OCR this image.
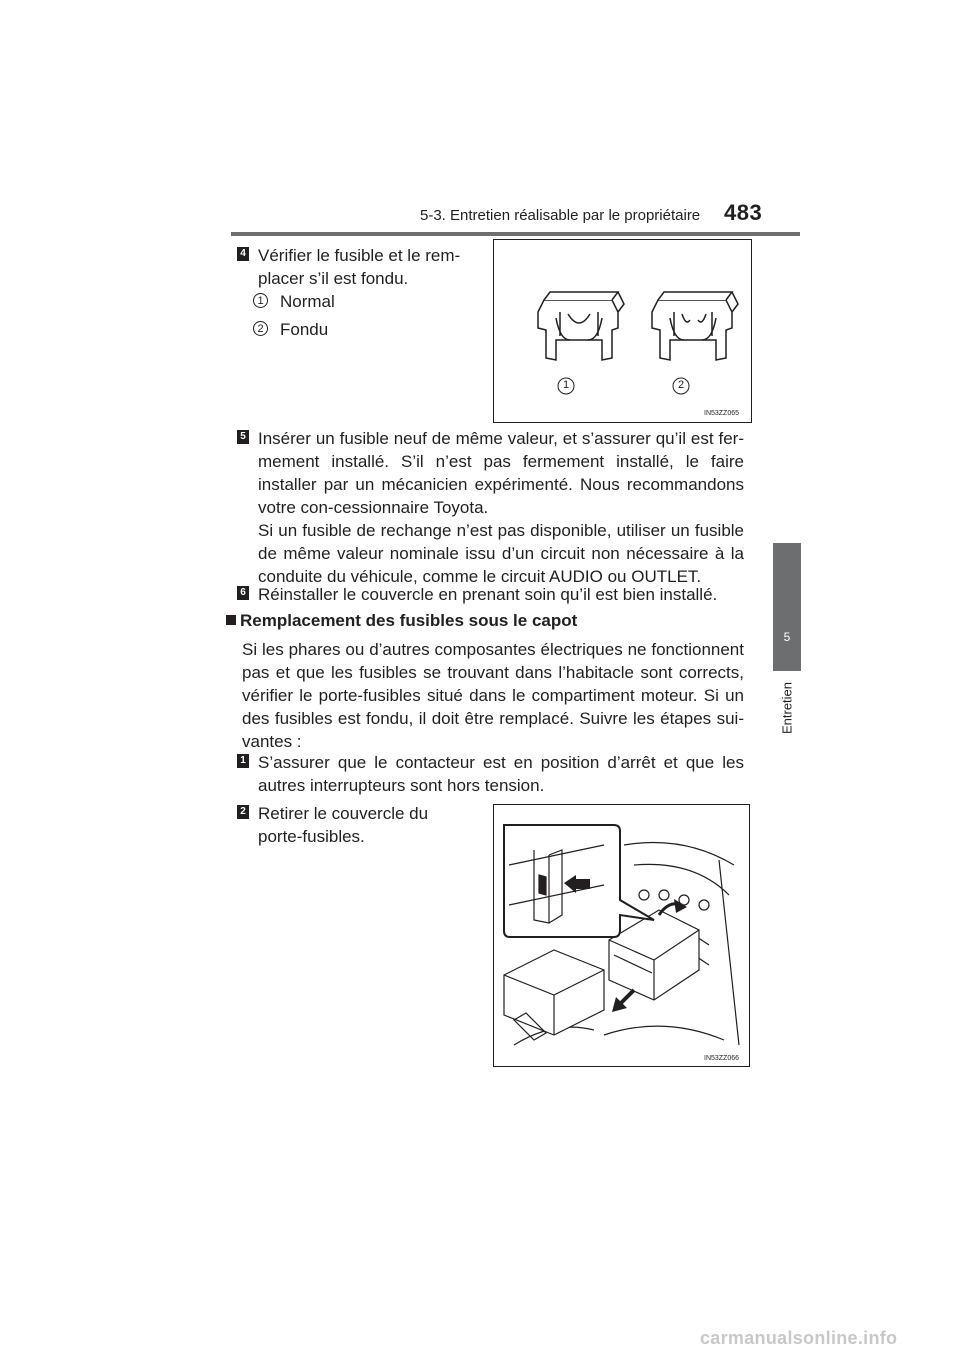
5-3. Entretien réalisable par le propriétaire 483
5
Entretien
4 Vérifier le fusible et le rem-placer s’il est fondu.
1 Normal
2 Fondu
1	2
IN53ZZ065
5 Insérer un fusible neuf de même valeur, et s’assurer qu’il est fer-mement installé. S’il n’est pas fermement installé, le faire installer par un mécanicien expérimenté. Nous recommandons votre con-cessionnaire Toyota.
Si un fusible de rechange n’est pas disponible, utiliser un fusible de même valeur nominale issu d’un circuit non nécessaire à la conduite du véhicule, comme le circuit AUDIO ou OUTLET.
6 Réinstaller le couvercle en prenant soin qu’il est bien installé.
Remplacement des fusibles sous le capot
Si les phares ou d’autres composantes électriques ne fonctionnent pas et que les fusibles se trouvant dans l’habitacle sont corrects, vérifier le porte-fusibles situé dans le compartiment moteur. Si un des fusibles est fondu, il doit être remplacé. Suivre les étapes sui-vantes :
1 S’assurer que le contacteur est en position d’arrêt et que les autres interrupteurs sont hors tension.
2 Retirer le couvercle du porte-fusibles.
IN53ZZ066
carmanualsonline.info
